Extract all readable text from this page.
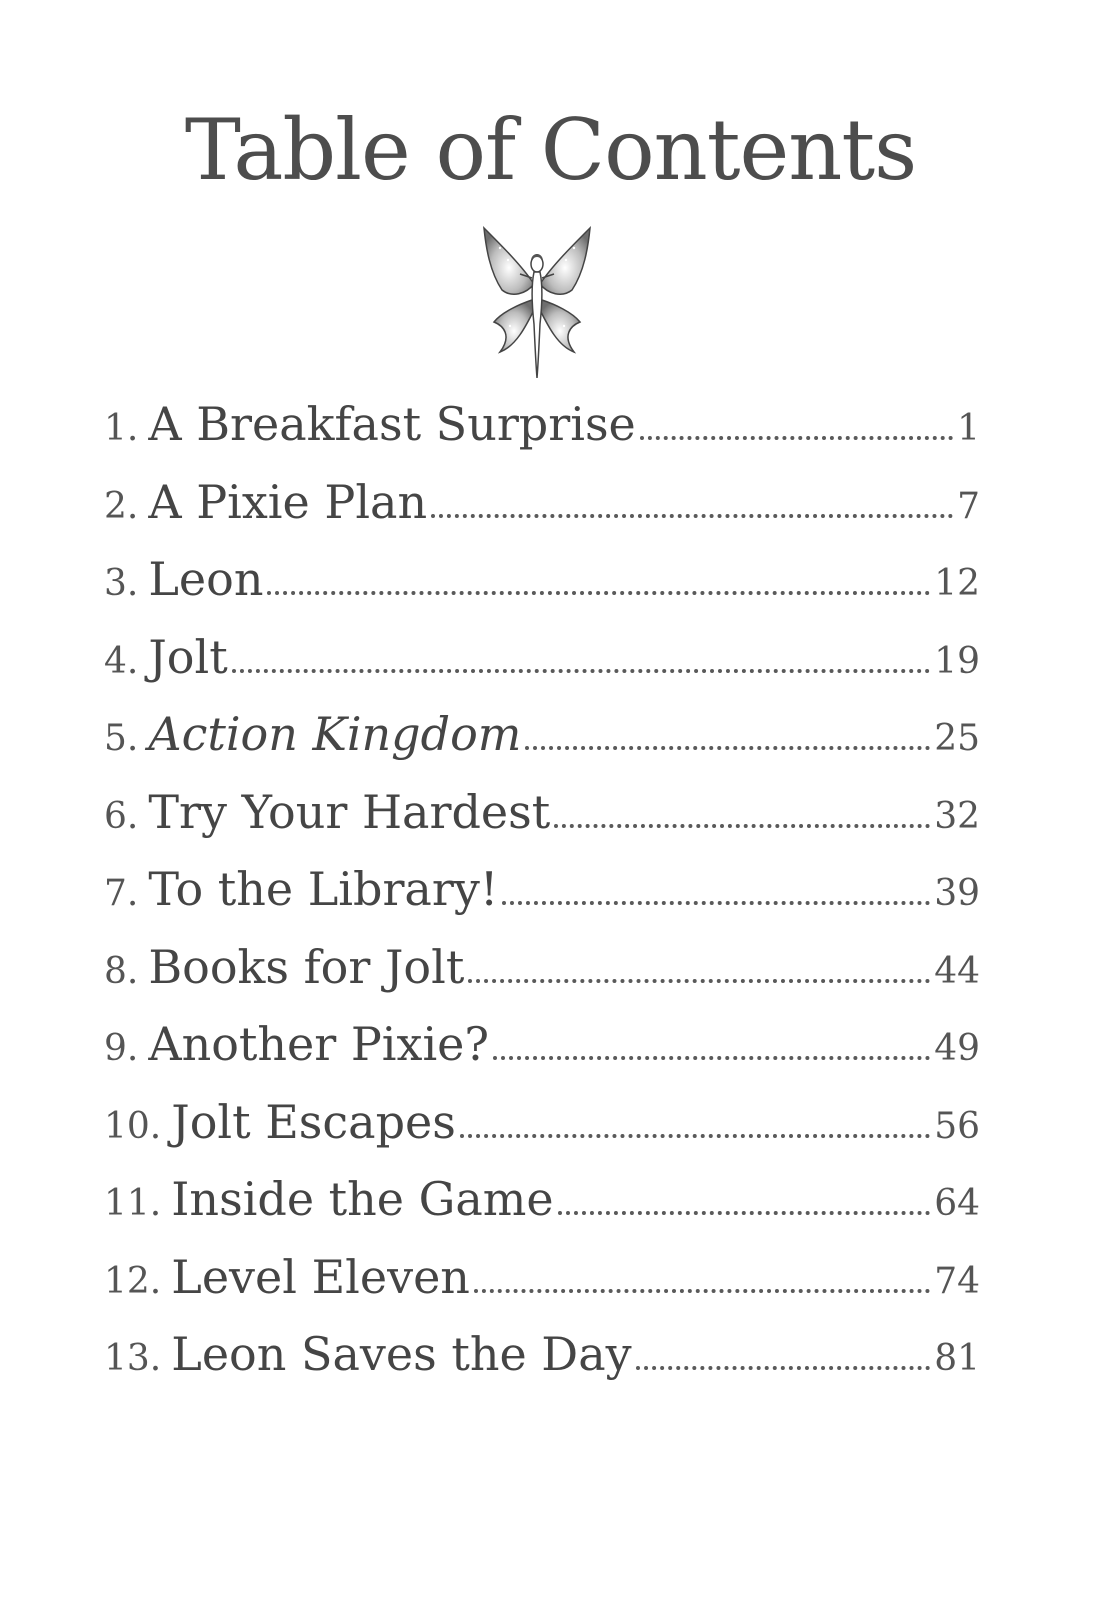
Table of Contents
1. A Breakfast Surprise	1
2. A Pixie Plan	7
3. Leon	12
4. Jolt	19
5. Action Kingdom	25
6. Try Your Hardest	32
7. To the Library!	39
8. Books for Jolt	44
9. Another Pixie?	49
10. Jolt Escapes	56
11. Inside the Game	64
12. Level Eleven	74
13. Leon Saves the Day	81
